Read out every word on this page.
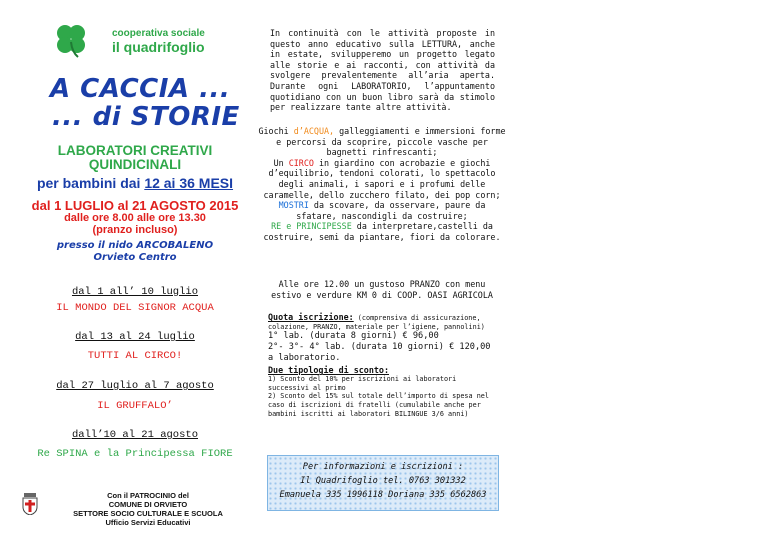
cooperativa sociale
il quadrifoglio
A CACCIA ...
... di STORIE
LABORATORI CREATIVI
QUINDICINALI
per bambini dai 12 ai 36 MESI
dal 1 LUGLIO al 21 AGOSTO 2015
dalle ore 8.00 alle ore 13.30
(pranzo incluso)
presso il nido ARCOBALENO
Orvieto Centro
dal 1 all’ 10 luglio
IL MONDO DEL SIGNOR ACQUA
dal 13 al 24 luglio
TUTTI AL CIRCO!
dal 27 luglio al 7 agosto
IL GRUFFALO’
dall’10 al 21 agosto
Re SPINA e la Principessa FIORE
Con il PATROCINIO del
COMUNE DI ORVIETO
SETTORE SOCIO CULTURALE E SCUOLA
Ufficio Servizi Educativi
In continuità con le attività proposte in questo anno educativo sulla LETTURA, anche in estate, svilupperemo un progetto legato alle storie e ai racconti, con attività da svolgere prevalentemente all’aria aperta. Durante ogni LABORATORIO, l’appuntamento quotidiano con un buon libro sarà da stimolo per realizzare tante altre attività.
Giochi d’ACQUA, galleggiamenti e immersioni forme e percorsi da scoprire, piccole vasche per bagnetti rinfrescanti;
Un CIRCO in giardino con acrobazie e giochi d’equilibrio, tendoni colorati, lo spettacolo degli animali, i sapori e i profumi delle caramelle, dello zucchero filato, dei pop corn;
MOSTRI da scovare, da osservare, paure da sfatare, nascondigli da costruire;
RE e PRINCIPESSE da interpretare,castelli da costruire, semi da piantare, fiori da colorare.
Alle ore 12.00 un gustoso PRANZO con menu estivo e verdure KM 0 di COOP. OASI AGRICOLA
Quota iscrizione: (comprensiva di assicurazione, colazione, PRANZO, materiale per l’igiene, pannolini)
1° lab. (durata 8 giorni) € 96,00
2°- 3°- 4° lab. (durata 10 giorni) € 120,00 a laboratorio.
Due tipologie di sconto:
1) Sconto del 10% per iscrizioni ai laboratori successivi al primo
2) Sconto del 15% sul totale dell’importo di spesa nel caso di iscrizioni di fratelli (cumulabile anche per bambini iscritti ai laboratori BILINGUE 3/6 anni)
Per informazioni e iscrizioni :
Il Quadrifoglio tel. 0763 301332
Emanuela 335 1996118 Doriana 335 6562863
